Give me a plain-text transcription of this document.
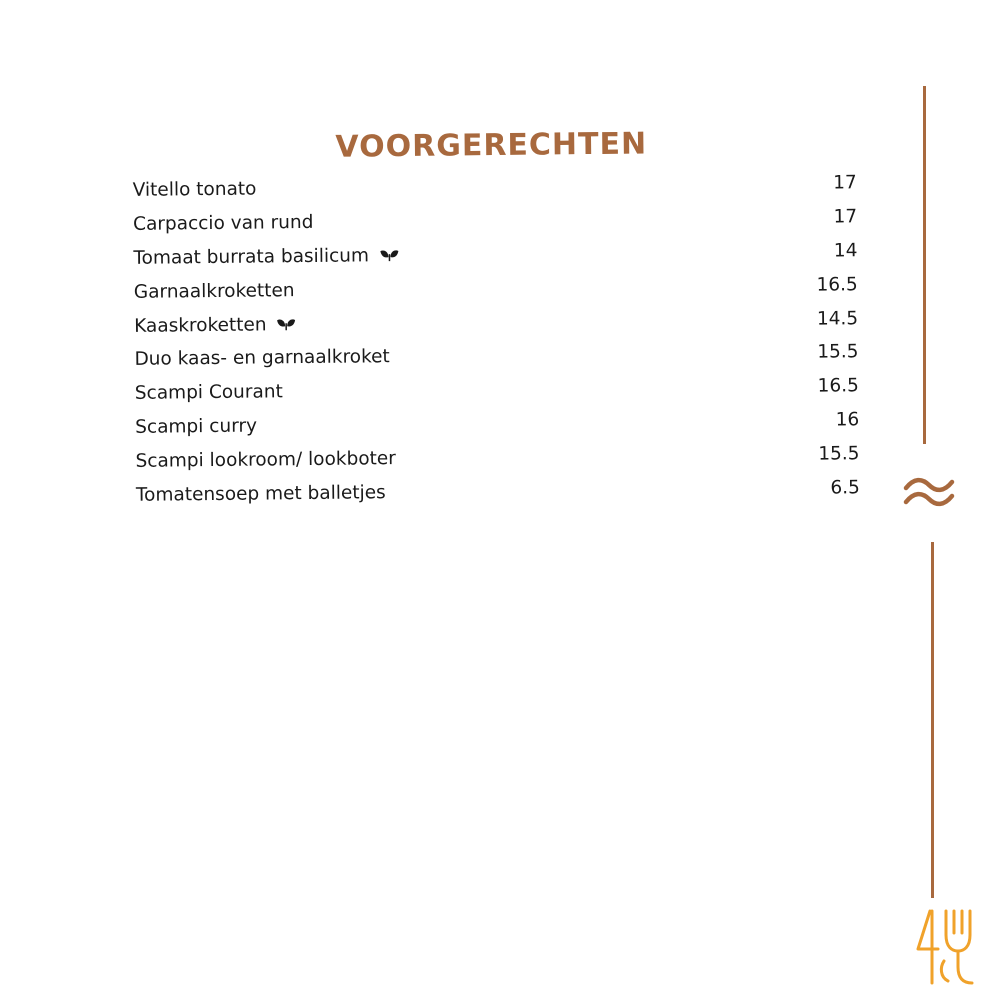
VOORGERECHTEN
Vitello tonato	17
Carpaccio van rund	17
Tomaat burrata basilicum	14
Garnaalkroketten	16.5
Kaaskroketten	14.5
Duo kaas- en garnaalkroket	15.5
Scampi Courant	16.5
Scampi curry	16
Scampi lookroom/ lookboter	15.5
Tomatensoep met balletjes	6.5
